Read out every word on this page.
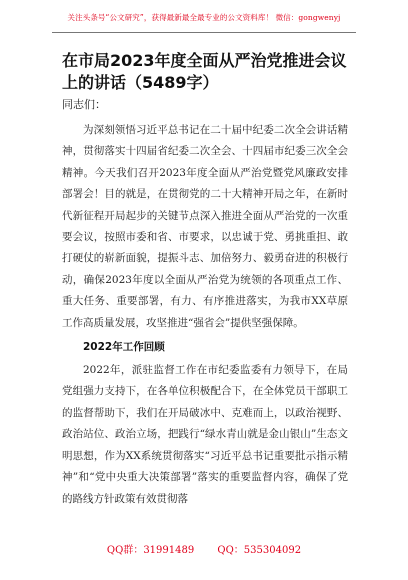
关注头条号“公文研究”，获得最新最全最专业的公文资料库！ 微信：gongwenyj
在市局2023年度全面从严治党推进会议上的讲话（5489字）
同志们：

为深刻领悟习近平总书记在二十届中纪委二次全会讲话精神，贯彻落实十四届省纪委二次全会、十四届市纪委三次全会精神。今天我们召开2023年度全面从严治党暨党风廉政安排部署会！目的就是，在贯彻党的二十大精神开局之年，在新时代新征程开局起步的关键节点深入推进全面从严治党的一次重要会议，按照市委和省、市要求，以忠诚于党、勇挑重担、敢打硬仗的崭新面貌，提振斗志、加倍努力、毅勇奋进的积极行动，确保2023年度以全面从严治党为统领的各项重点工作、重大任务、重要部署，有力、有序推进落实，为我市XX草原工作高质量发展，攻坚推进“强省会”提供坚强保障。

2022年工作回顾

2022年，派驻监督工作在市纪委监委有力领导下，在局党组强力支持下，在各单位积极配合下，在全体党员干部职工的监督帮助下，我们在开局破冰中、克难而上，以政治视野、政治站位、政治立场，把践行“绿水青山就是金山银山”生态文明思想，作为XX系统贯彻落实“习近平总书记重要批示指示精神”和“党中央重大决策部署”落实的重要监督内容，确保了党的路线方针政策有效贯彻落

QQ群：31991489 QQ：535304092
